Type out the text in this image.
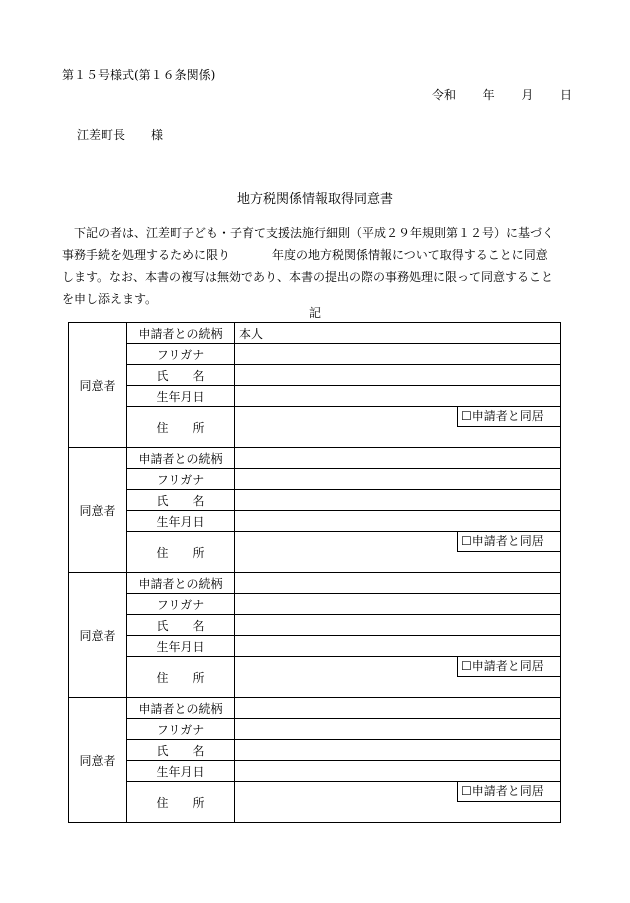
第１５号様式(第１６条関係)
令和 年 月 日
江差町長 様
地方税関係情報取得同意書

下記の者は、江差町子ども・子育て支援法施行細則（平成２９年規則第１２号）に基づく

事務手続を処理するために限り	年度の地方税関係情報について取得することに同意

します。なお、本書の複写は無効であり、本書の提出の際の事務処理に限って同意すること

を申し添えます。

記
同意者	申請者との続柄	本人
	フリガナ	
	氏　　名	
	生年月日	
	住　　所	☐申請者と同居

同意者	申請者との続柄	
	フリガナ	
	氏　　名	
	生年月日	
	住　　所	☐申請者と同居

同意者	申請者との続柄	
	フリガナ	
	氏　　名	
	生年月日	
	住　　所	☐申請者と同居

同意者	申請者との続柄	
	フリガナ	
	氏　　名	
	生年月日	
	住　　所	☐申請者と同居
